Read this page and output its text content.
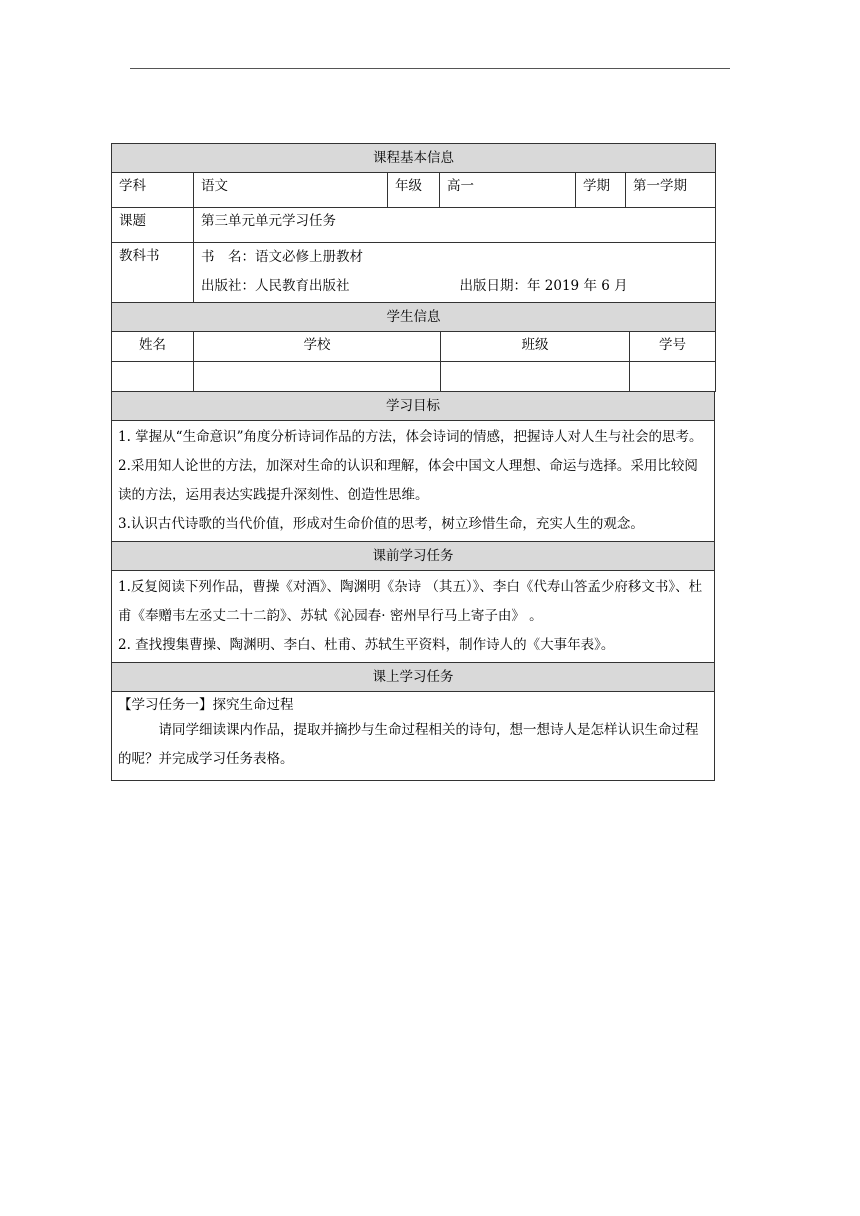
课程基本信息					
学科	语文	年级	高一	学期	第一学期
课题	第三单元单元学习任务				
教科书	书　名：语文必修上册教材
出版社：人民教育出版社 出版日期：年 2019 年 6 月				
学生信息			
姓名	学校	班级	学号

学习目标

1. 掌握从“生命意识”角度分析诗词作品的方法，体会诗词的情感，把握诗人对人生与社会的思考。

2.采用知人论世的方法，加深对生命的认识和理解，体会中国文人理想、命运与选择。采用比较阅读的方法，运用表达实践提升深刻性、创造性思维。

3.认识古代诗歌的当代价值，形成对生命价值的思考，树立珍惜生命，充实人生的观念。

课前学习任务

1.反复阅读下列作品，曹操《对酒》、陶渊明《杂诗 （其五）》、李白《代寿山答孟少府移文书》、杜甫《奉赠韦左丞丈二十二韵》、苏轼《沁园春· 密州早行马上寄子由》 。

2. 查找搜集曹操、陶渊明、李白、杜甫、苏轼生平资料，制作诗人的《大事年表》。

课上学习任务

【学习任务一】探究生命过程

请同学细读课内作品，提取并摘抄与生命过程相关的诗句，想一想诗人是怎样认识生命过程的呢？并完成学习任务表格。
